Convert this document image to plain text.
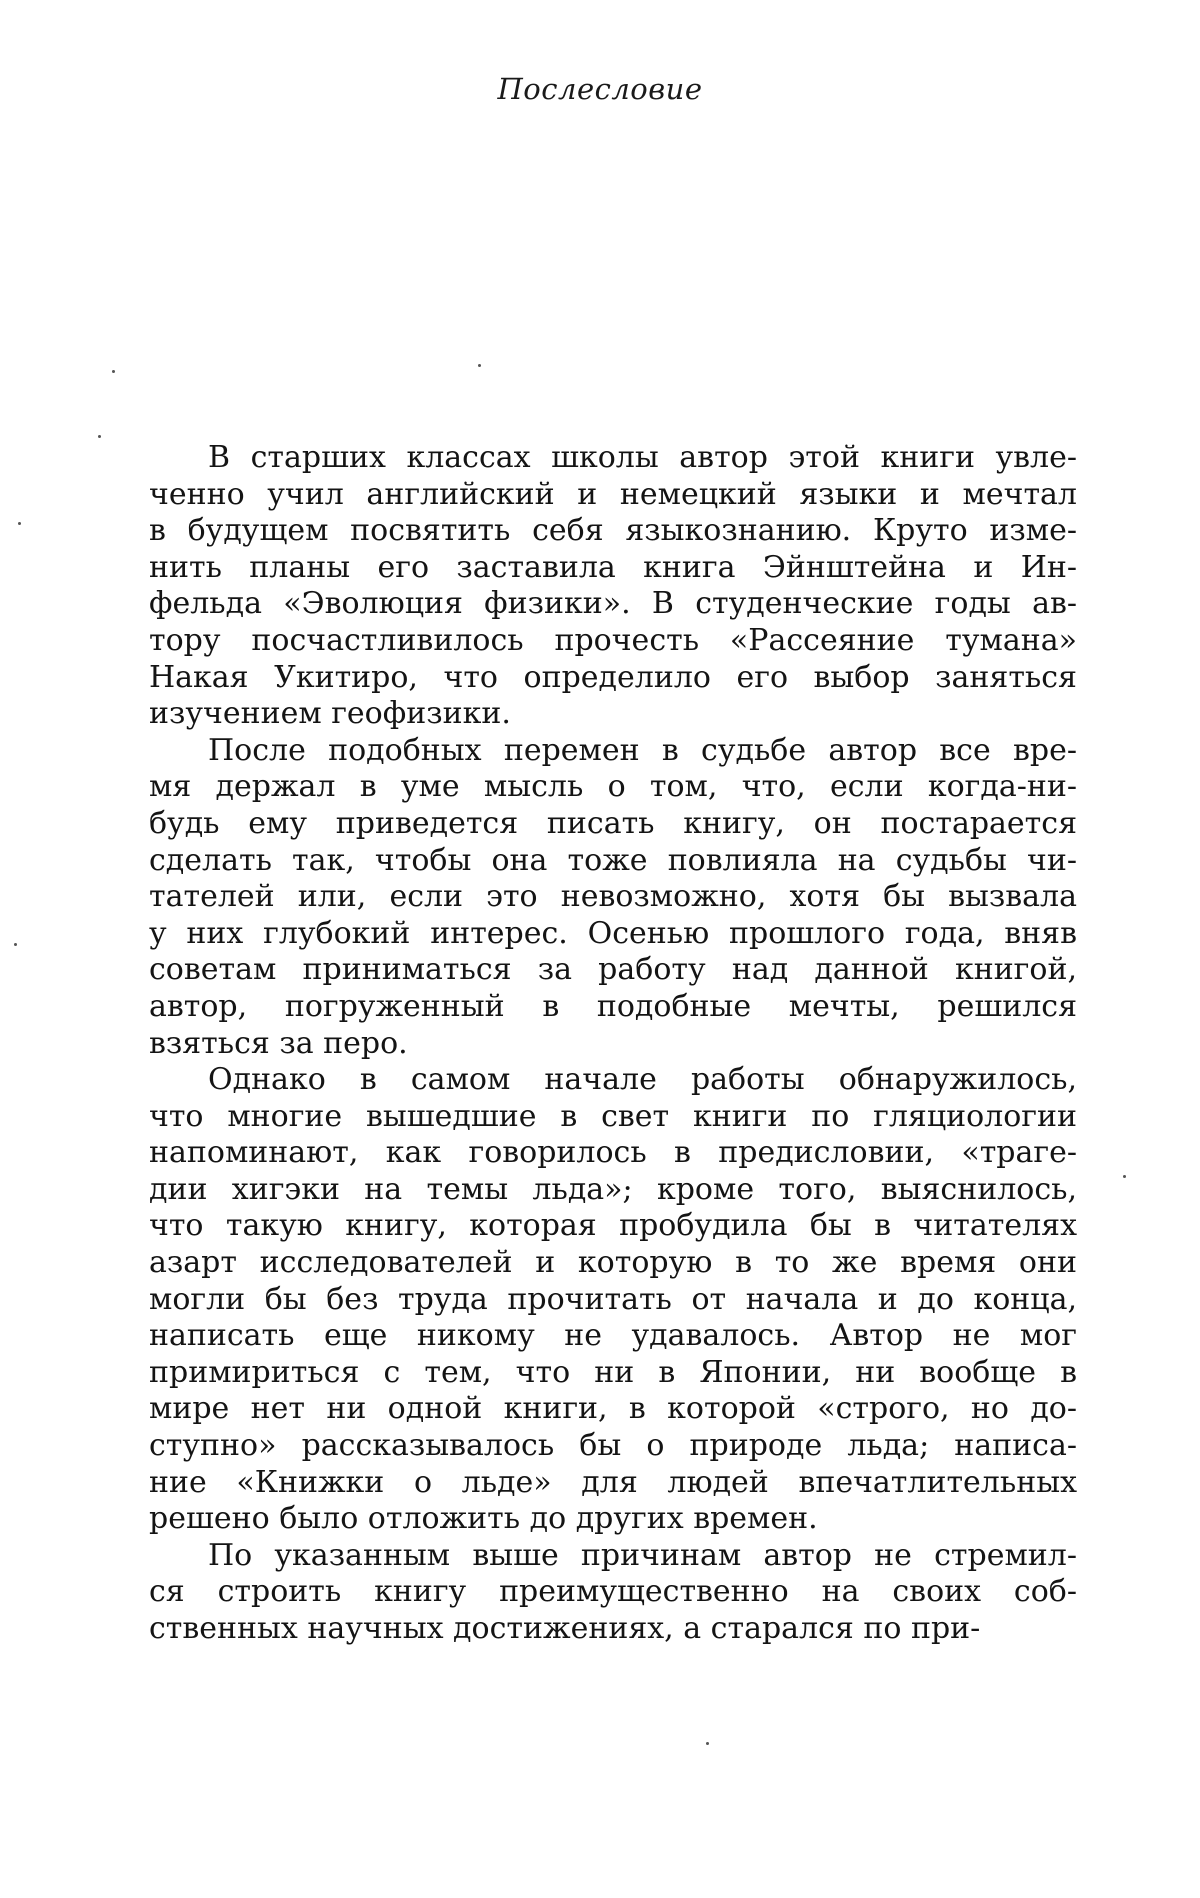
Послесловие
В старших классах школы автор этой книги увле-
ченно учил английский и немецкий языки и мечтал
в будущем посвятить себя языкознанию. Круто изме-
нить планы его заставила книга Эйнштейна и Ин-
фельда «Эволюция физики». В студенческие годы ав-
тору посчастливилось прочесть «Рассеяние тумана»
Накая Укитиро, что определило его выбор заняться
изучением геофизики.
После подобных перемен в судьбе автор все вре-
мя держал в уме мысль о том, что, если когда-ни-
будь ему приведется писать книгу, он постарается
сделать так, чтобы она тоже повлияла на судьбы чи-
тателей или, если это невозможно, хотя бы вызвала
у них глубокий интерес. Осенью прошлого года, вняв
советам приниматься за работу над данной книгой,
автор, погруженный в подобные мечты, решился
взяться за перо.
Однако в самом начале работы обнаружилось,
что многие вышедшие в свет книги по гляциологии
напоминают, как говорилось в предисловии, «траге-
дии хигэки на темы льда»; кроме того, выяснилось,
что такую книгу, которая пробудила бы в читателях
азарт исследователей и которую в то же время они
могли бы без труда прочитать от начала и до конца,
написать еще никому не удавалось. Автор не мог
примириться с тем, что ни в Японии, ни вообще в
мире нет ни одной книги, в которой «строго, но до-
ступно» рассказывалось бы о природе льда; написа-
ние «Книжки о льде» для людей впечатлительных
решено было отложить до других времен.
По указанным выше причинам автор не стремил-
ся строить книгу преимущественно на своих соб-
ственных научных достижениях, а старался по при-
